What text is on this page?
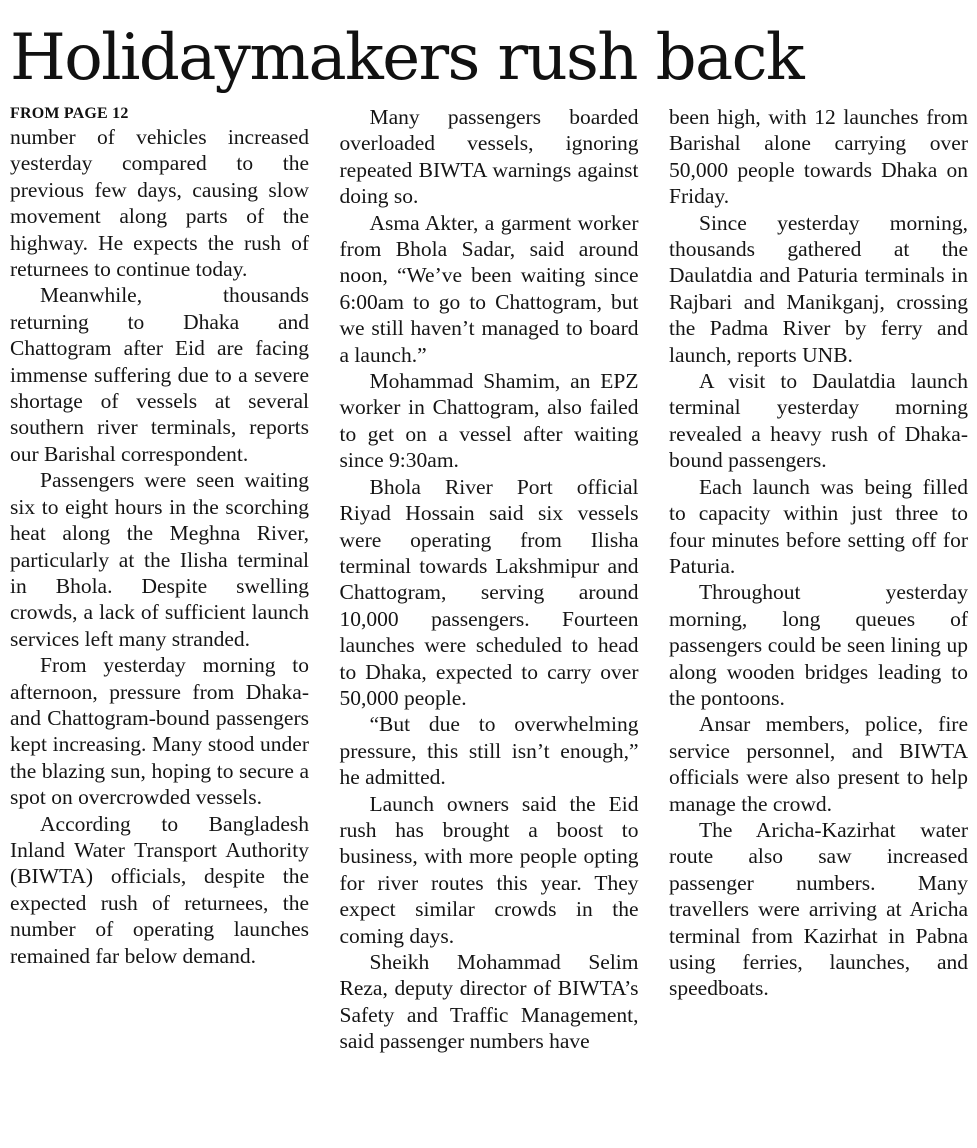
Holidaymakers rush back
FROM PAGE 12

number of vehicles increased yesterday compared to the previous few days, causing slow movement along parts of the highway. He expects the rush of returnees to continue today.

Meanwhile, thousands returning to Dhaka and Chattogram after Eid are facing immense suffering due to a severe shortage of vessels at several southern river terminals, reports our Barishal correspondent.

Passengers were seen waiting six to eight hours in the scorching heat along the Meghna River, particularly at the Ilisha terminal in Bhola. Despite swelling crowds, a lack of sufficient launch services left many stranded.

From yesterday morning to afternoon, pressure from Dhaka- and Chattogram-bound passengers kept increasing. Many stood under the blazing sun, hoping to secure a spot on overcrowded vessels.

According to Bangladesh Inland Water Transport Authority (BIWTA) officials, despite the expected rush of returnees, the number of operating launches remained far below demand.

Many passengers boarded overloaded vessels, ignoring repeated BIWTA warnings against doing so.

Asma Akter, a garment worker from Bhola Sadar, said around noon, “We’ve been waiting since 6:00am to go to Chattogram, but we still haven’t managed to board a launch.”

Mohammad Shamim, an EPZ worker in Chattogram, also failed to get on a vessel after waiting since 9:30am.

Bhola River Port official Riyad Hossain said six vessels were operating from Ilisha terminal towards Lakshmipur and Chattogram, serving around 10,000 passengers. Fourteen launches were scheduled to head to Dhaka, expected to carry over 50,000 people.

“But due to overwhelming pressure, this still isn’t enough,” he admitted.

Launch owners said the Eid rush has brought a boost to business, with more people opting for river routes this year. They expect similar crowds in the coming days.

Sheikh Mohammad Selim Reza, deputy director of BIWTA’s Safety and Traffic Management, said passenger numbers have

been high, with 12 launches from Barishal alone carrying over 50,000 people towards Dhaka on Friday.

Since yesterday morning, thousands gathered at the Daulatdia and Paturia terminals in Rajbari and Manikganj, crossing the Padma River by ferry and launch, reports UNB.

A visit to Daulatdia launch terminal yesterday morning revealed a heavy rush of Dhaka-bound passengers.

Each launch was being filled to capacity within just three to four minutes before setting off for Paturia.

Throughout yesterday morning, long queues of passengers could be seen lining up along wooden bridges leading to the pontoons.

Ansar members, police, fire service personnel, and BIWTA officials were also present to help manage the crowd.

The Aricha-Kazirhat water route also saw increased passenger numbers. Many travellers were arriving at Aricha terminal from Kazirhat in Pabna using ferries, launches, and speedboats.
